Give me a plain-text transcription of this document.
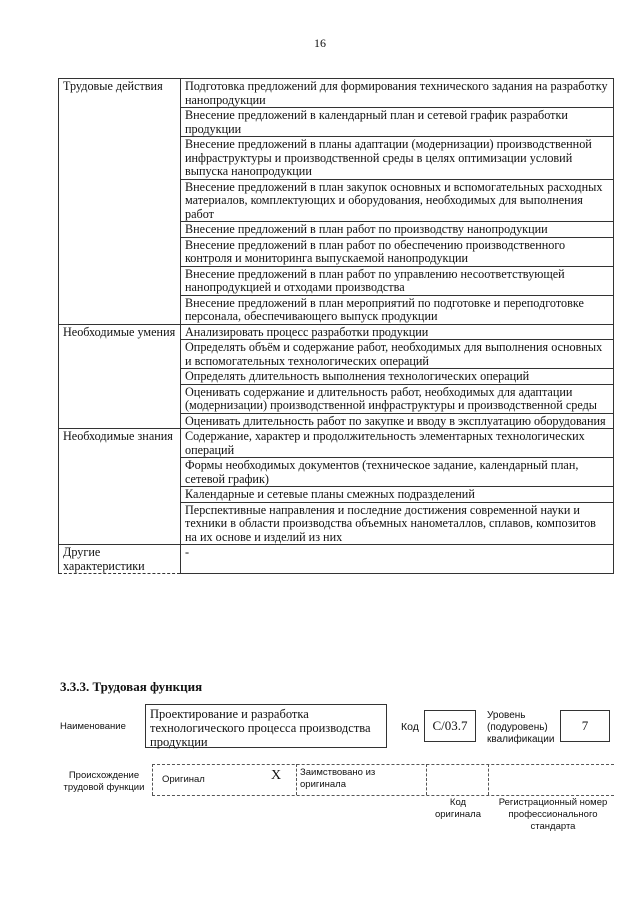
16
Трудовые действия	Подготовка предложений для формирования технического задания на разработку нанопродукции
	Внесение предложений в календарный план и сетевой график разработки продукции
	Внесение предложений в планы адаптации (модернизации) производственной инфраструктуры и производственной среды в целях оптимизации условий выпуска нанопродукции
	Внесение предложений в план закупок основных и вспомогательных расходных материалов, комплектующих и оборудования, необходимых для выполнения работ
	Внесение предложений в план работ по производству нанопродукции
	Внесение предложений в план работ по обеспечению производственного контроля и мониторинга выпускаемой нанопродукции
	Внесение предложений в план работ по управлению несоответствующей нанопродукцией и отходами производства
	Внесение предложений в план мероприятий по подготовке и переподготовке персонала, обеспечивающего выпуск продукции
Необходимые умения	Анализировать процесс разработки продукции
	Определять объём и содержание работ, необходимых для выполнения основных и вспомогательных технологических операций
	Определять длительность выполнения технологических операций
	Оценивать содержание и длительность работ, необходимых для адаптации (модернизации) производственной инфраструктуры и производственной среды
	Оценивать длительность работ по закупке и вводу в эксплуатацию оборудования
Необходимые знания	Содержание, характер и продолжительность элементарных технологических операций
	Формы необходимых документов (техническое задание, календарный план, сетевой график)
	Календарные и сетевые планы смежных подразделений
	Перспективные направления и последние достижения современной науки и техники в области производства объемных нанометаллов, сплавов, композитов на их основе и изделий из них
Другие характеристики	-
3.3.3. Трудовая функция
Наименование
Проектирование и разработка технологического процесса производства продукции
Код	С/03.7
Уровень (подуровень) квалификации
7
Происхождение трудовой функции
Оригинал	X Заимствовано из оригинала
Код оригинала
Регистрационный номер профессионального стандарта
